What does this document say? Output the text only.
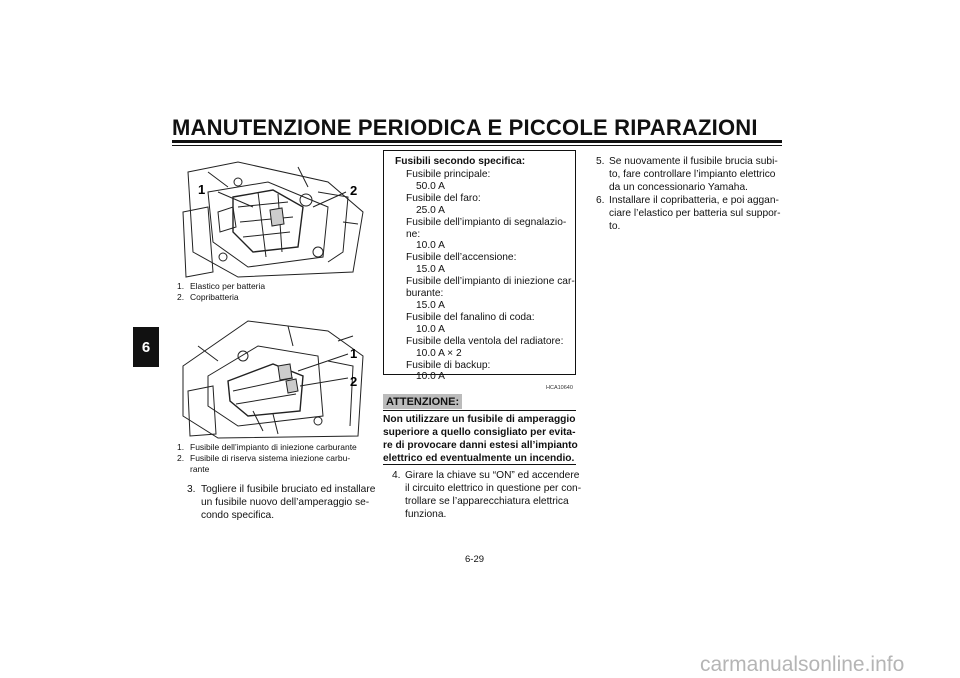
MANUTENZIONE PERIODICA E PICCOLE RIPARAZIONI
6
1	2
1. Elastico per batteria
2. Copribatteria
1
2
1. Fusibile dell’impianto di iniezione carburante
2. Fusibile di riserva sistema iniezione carbu-
rante
3. Togliere il fusibile bruciato ed installare
un fusibile nuovo dell’amperaggio se-
condo specifica.
Fusibili secondo specifica:
Fusibile principale:
50.0 A
Fusibile del faro:
25.0 A
Fusibile dell’impianto di segnalazio-
ne:
10.0 A
Fusibile dell’accensione:
15.0 A
Fusibile dell’impianto di iniezione car-
burante:
15.0 A
Fusibile del fanalino di coda:
10.0 A
Fusibile della ventola del radiatore:
10.0 A × 2
Fusibile di backup:
10.0 A
HCA10640
ATTENZIONE:
Non utilizzare un fusibile di amperaggio
superiore a quello consigliato per evita-
re di provocare danni estesi all’impianto
elettrico ed eventualmente un incendio.
4. Girare la chiave su “ON” ed accendere
il circuito elettrico in questione per con-
trollare se l’apparecchiatura elettrica
funziona.
5. Se nuovamente il fusibile brucia subi-
to, fare controllare l’impianto elettrico
da un concessionario Yamaha.
6. Installare il copribatteria, e poi aggan-
ciare l’elastico per batteria sul suppor-
to.
6-29
carmanualsonline.info
